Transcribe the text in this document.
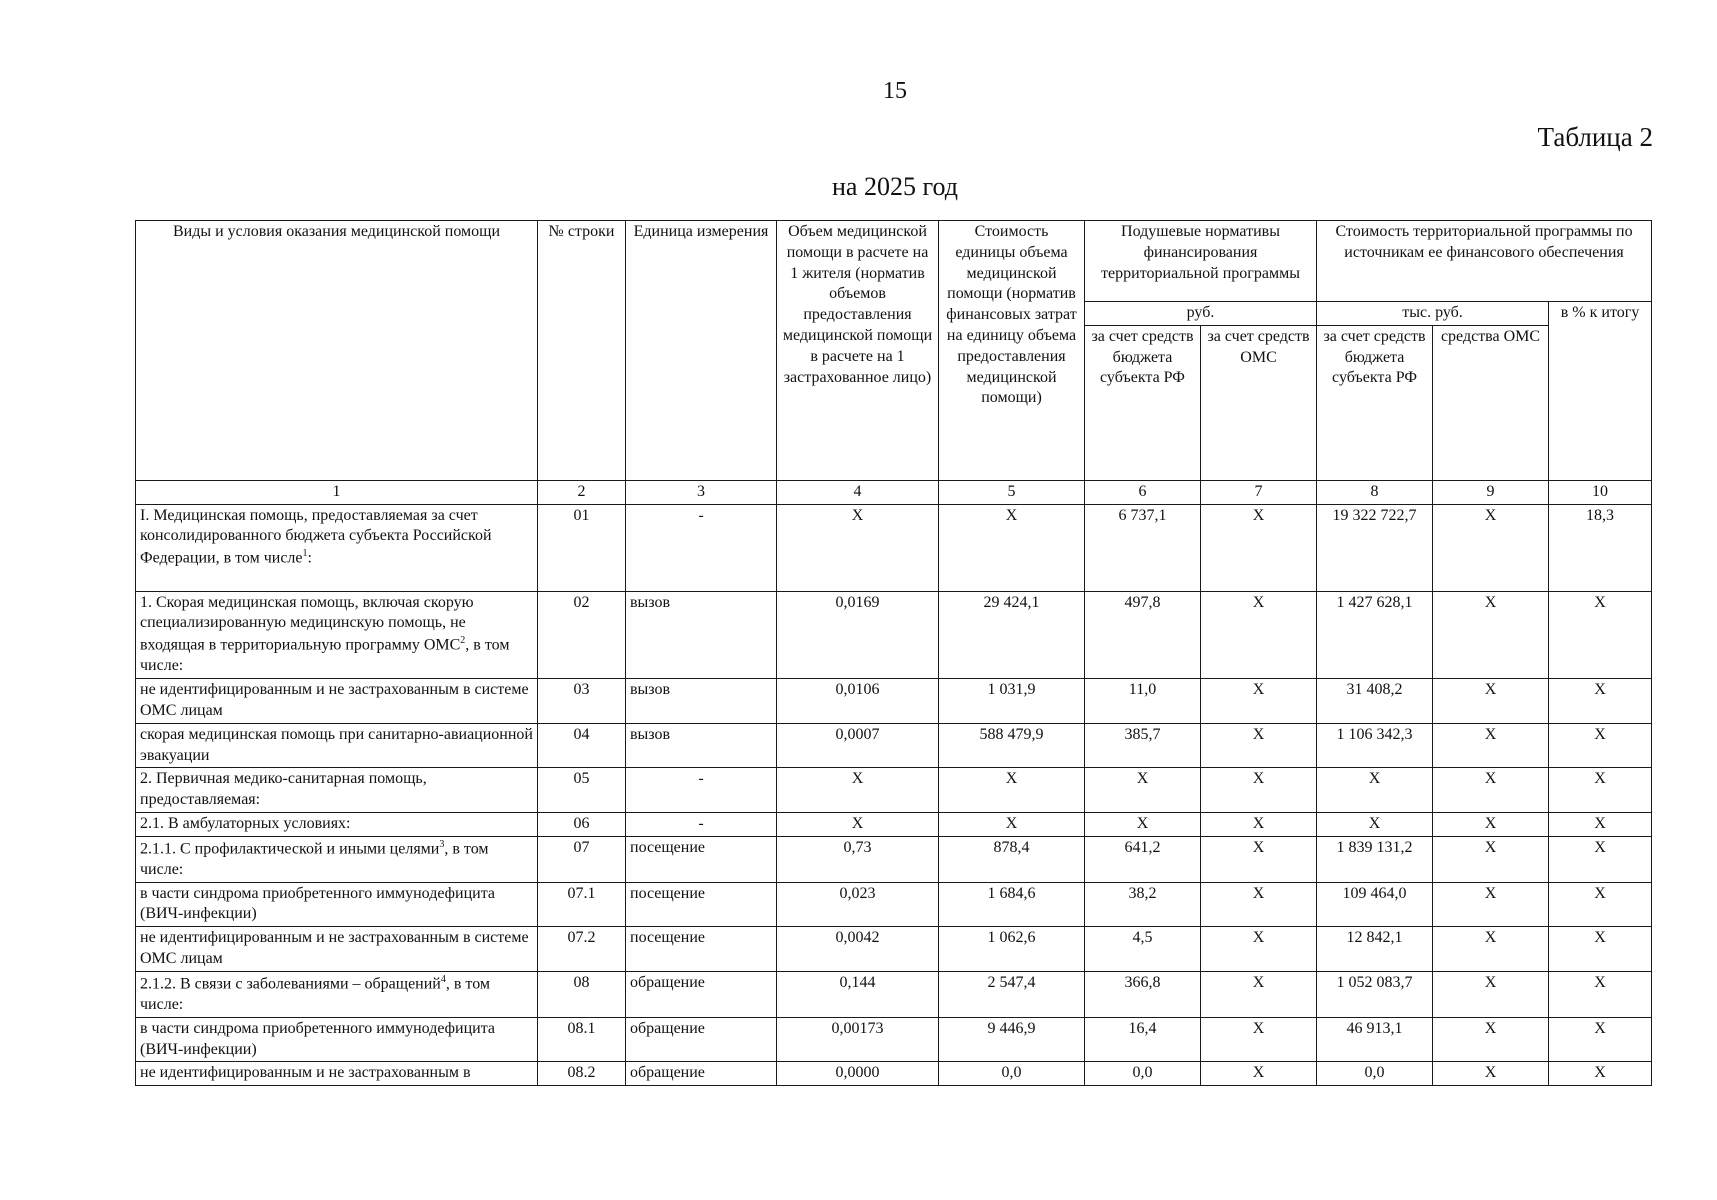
15
Таблица 2
на 2025 год
Виды и условия оказания медицинской помощи	№ строки	Единица измерения	Объем медицинской помощи в расчете на 1 жителя (норматив объемов предоставления медицинской помощи в расчете на 1 застрахованное лицо)	Стоимость единицы объема медицинской помощи (норматив финансовых затрат на единицу объема предоставления медицинской помощи)	Подушевые нормативы финансирования территориальной программы		Стоимость территориальной программы по источникам ее финансового обеспечения		
					руб.		тыс. руб.		в % к итогу
					за счет средств бюджета субъекта РФ	за счет средств ОМС	за счет средств бюджета субъекта РФ	средства ОМС	
1	2	3	4	5	6	7	8	9	10
I. Медицинская помощь, предоставляемая за счет консолидированного бюджета субъекта Российской Федерации, в том числе$^1$:	01	-	X	X	6 737,1	X	19 322 722,7	X	18,3
1. Скорая медицинская помощь, включая скорую специализированную медицинскую помощь, не входящая в территориальную программу ОМС$^2$, в том числе:	02	вызов	0,0169	29 424,1	497,8	X	1 427 628,1	X	X
не идентифицированным и не застрахованным в системе ОМС лицам	03	вызов	0,0106	1 031,9	11,0	X	31 408,2	X	X
скорая медицинская помощь при санитарно-авиационной эвакуации	04	вызов	0,0007	588 479,9	385,7	X	1 106 342,3	X	X
2. Первичная медико-санитарная помощь, предоставляемая:	05	-	X	X	X	X	X	X	X
2.1. В амбулаторных условиях:	06	-	X	X	X	X	X	X	X
2.1.1. С профилактической и иными целями$^3$, в том числе:	07	посещение	0,73	878,4	641,2	X	1 839 131,2	X	X
в части синдрома приобретенного иммунодефицита (ВИЧ-инфекции)	07.1	посещение	0,023	1 684,6	38,2	X	109 464,0	X	X
не идентифицированным и не застрахованным в системе ОМС лицам	07.2	посещение	0,0042	1 062,6	4,5	X	12 842,1	X	X
2.1.2. В связи с заболеваниями – обращений$^4$, в том числе:	08	обращение	0,144	2 547,4	366,8	X	1 052 083,7	X	X
в части синдрома приобретенного иммунодефицита (ВИЧ-инфекции)	08.1	обращение	0,00173	9 446,9	16,4	X	46 913,1	X	X
не идентифицированным и не застрахованным в	08.2	обращение	0,0000	0,0	0,0	X	0,0	X	X
